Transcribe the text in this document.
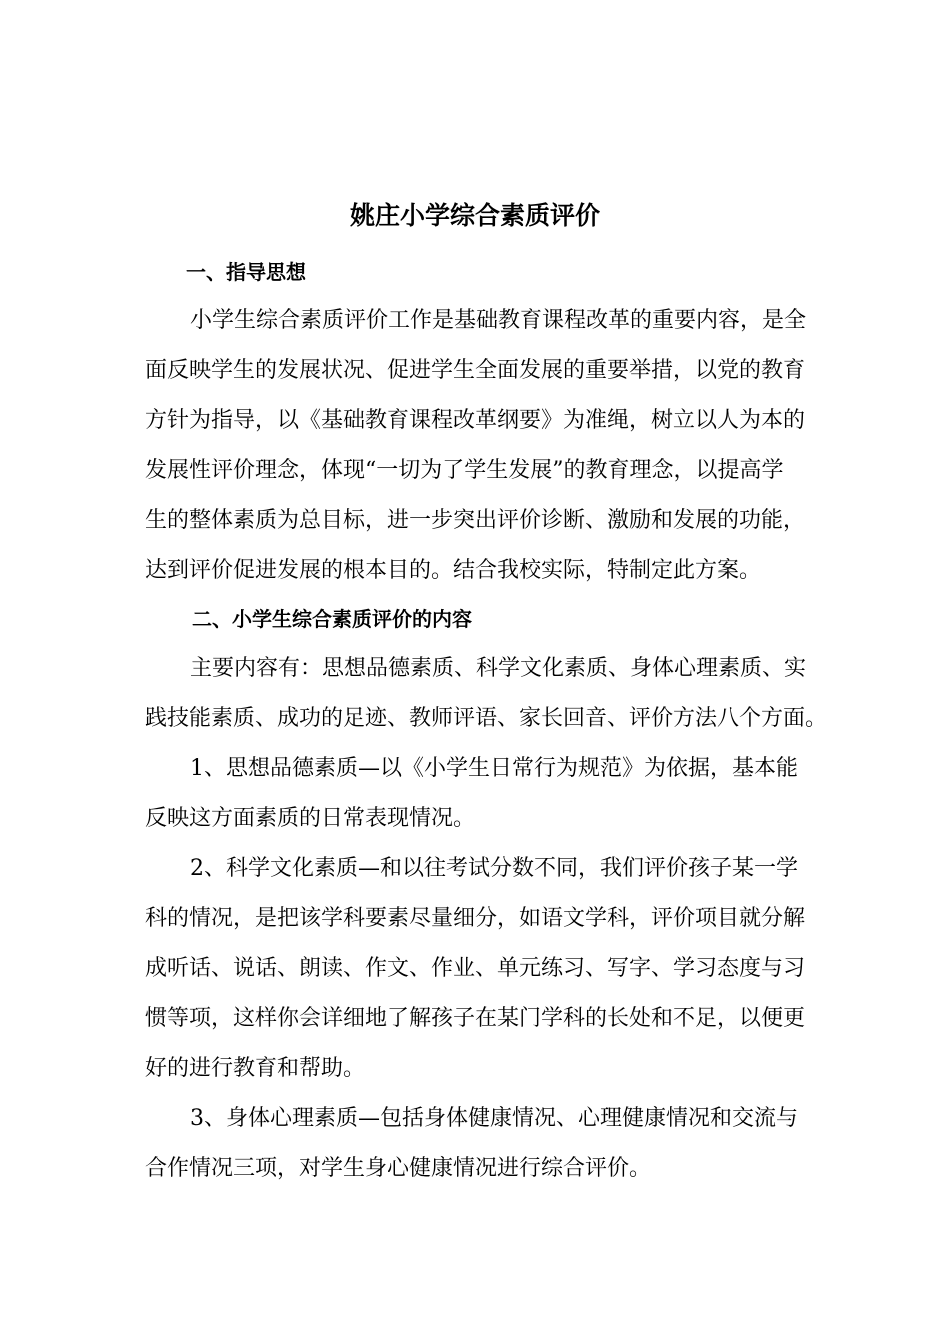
姚庄小学综合素质评价
一、指导思想
小学生综合素质评价工作是基础教育课程改革的重要内容，是全
面反映学生的发展状况、促进学生全面发展的重要举措，以党的教育
方针为指导，以《基础教育课程改革纲要》为准绳，树立以人为本的
发展性评价理念，体现“一切为了学生发展”的教育理念，以提高学
生的整体素质为总目标，进一步突出评价诊断、激励和发展的功能，
达到评价促进发展的根本目的。结合我校实际，特制定此方案。
二、小学生综合素质评价的内容
主要内容有：思想品德素质、科学文化素质、身体心理素质、实
践技能素质、成功的足迹、教师评语、家长回音、评价方法八个方面。
1、思想品德素质—以《小学生日常行为规范》为依据，基本能
反映这方面素质的日常表现情况。
2、科学文化素质—和以往考试分数不同，我们评价孩子某一学
科的情况，是把该学科要素尽量细分，如语文学科，评价项目就分解
成听话、说话、朗读、作文、作业、单元练习、写字、学习态度与习
惯等项，这样你会详细地了解孩子在某门学科的长处和不足，以便更
好的进行教育和帮助。
3、身体心理素质—包括身体健康情况、心理健康情况和交流与
合作情况三项，对学生身心健康情况进行综合评价。
